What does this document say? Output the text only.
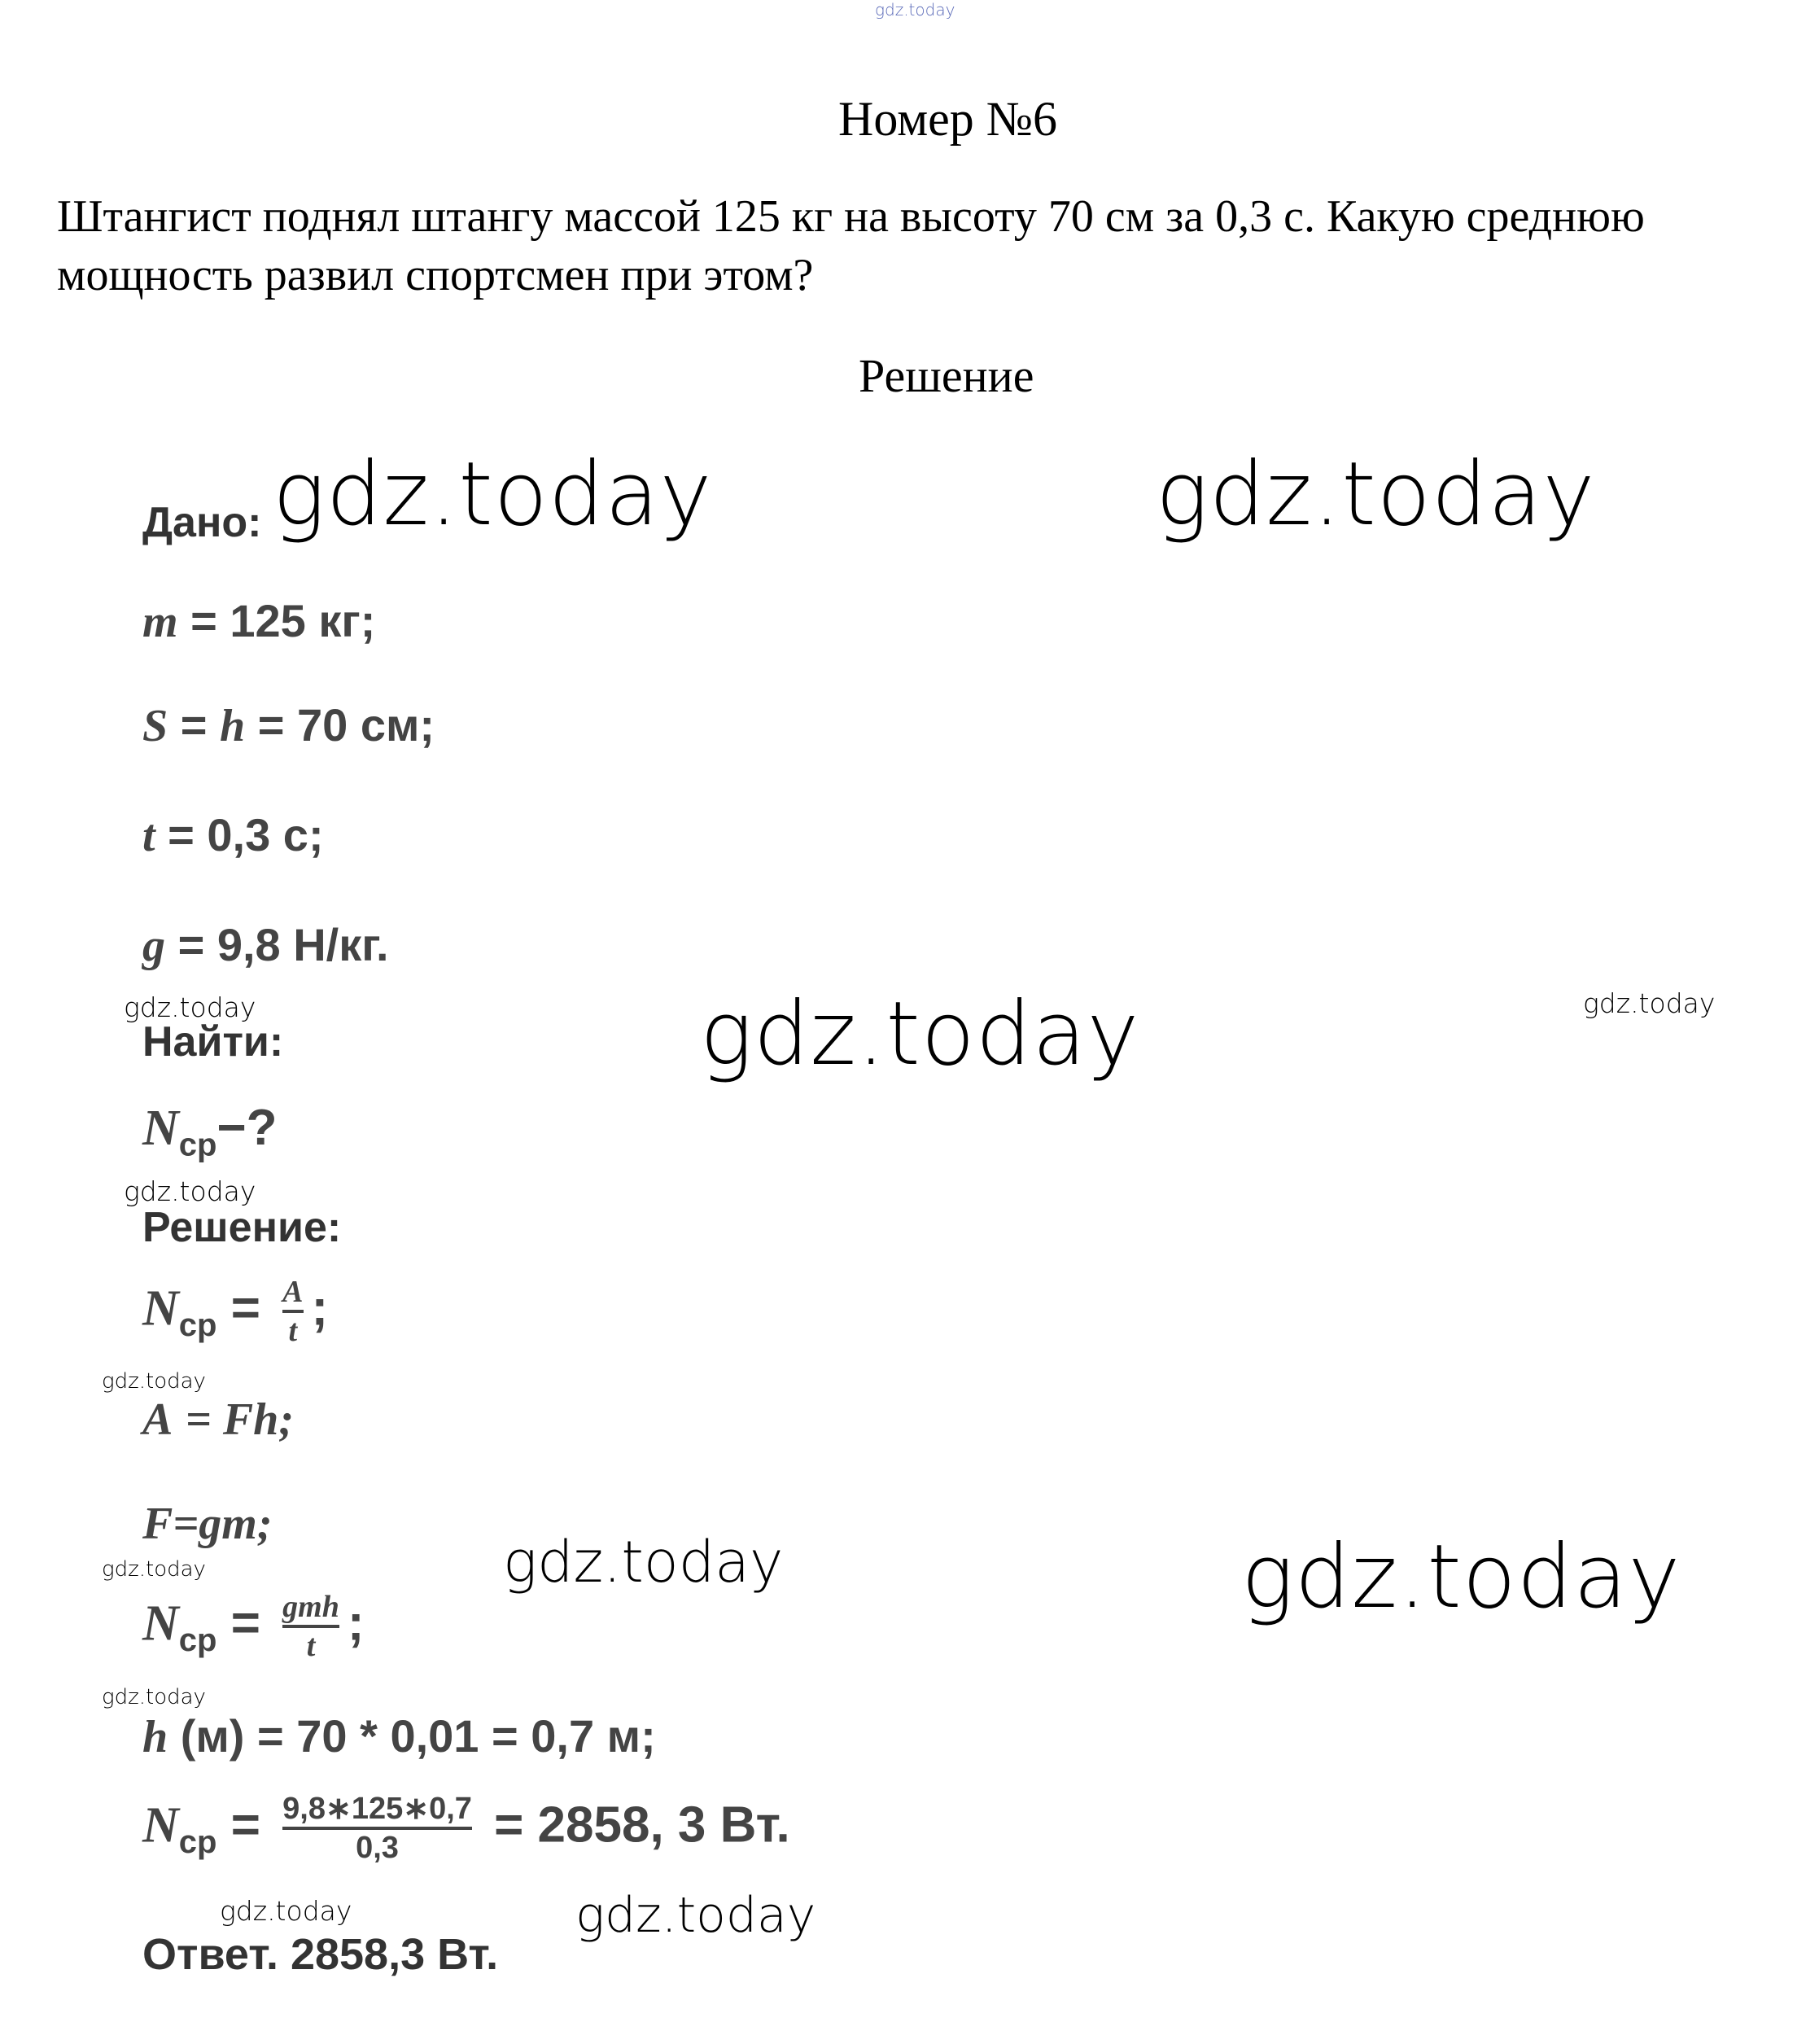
gdz.today
Номер №6
Штангист поднял штангу массой 125 кг на высоту 70 см за 0,3 с. Какую среднюю мощность развил спортсмен при этом?
Решение
Дано:
m = 125 кг;
S = h = 70 см;
t = 0,3 с;
g = 9,8 Н/кг.
Найти:
$N_{ср}-$?
Решение:
$N_{ср} = \frac{A}{t}$ ;
A = Fh;
F=gm;
$N_{ср} = \frac{\text{gmh}}{t}$ ;
h (м) = 70 * 0,01 = 0,7 м;
$N_{ср} = \frac{9,8∗125∗0,7}{0,3} = 2858$, 3 Вт.
Ответ. 2858,3 Вт.
gdz.today	gdz.today
gdz.today	gdz.today	gdz.today
gdz.today
gdz.today
gdz.today	gdz.today
gdz.today
gdz.today
gdz.today	gdz.today
